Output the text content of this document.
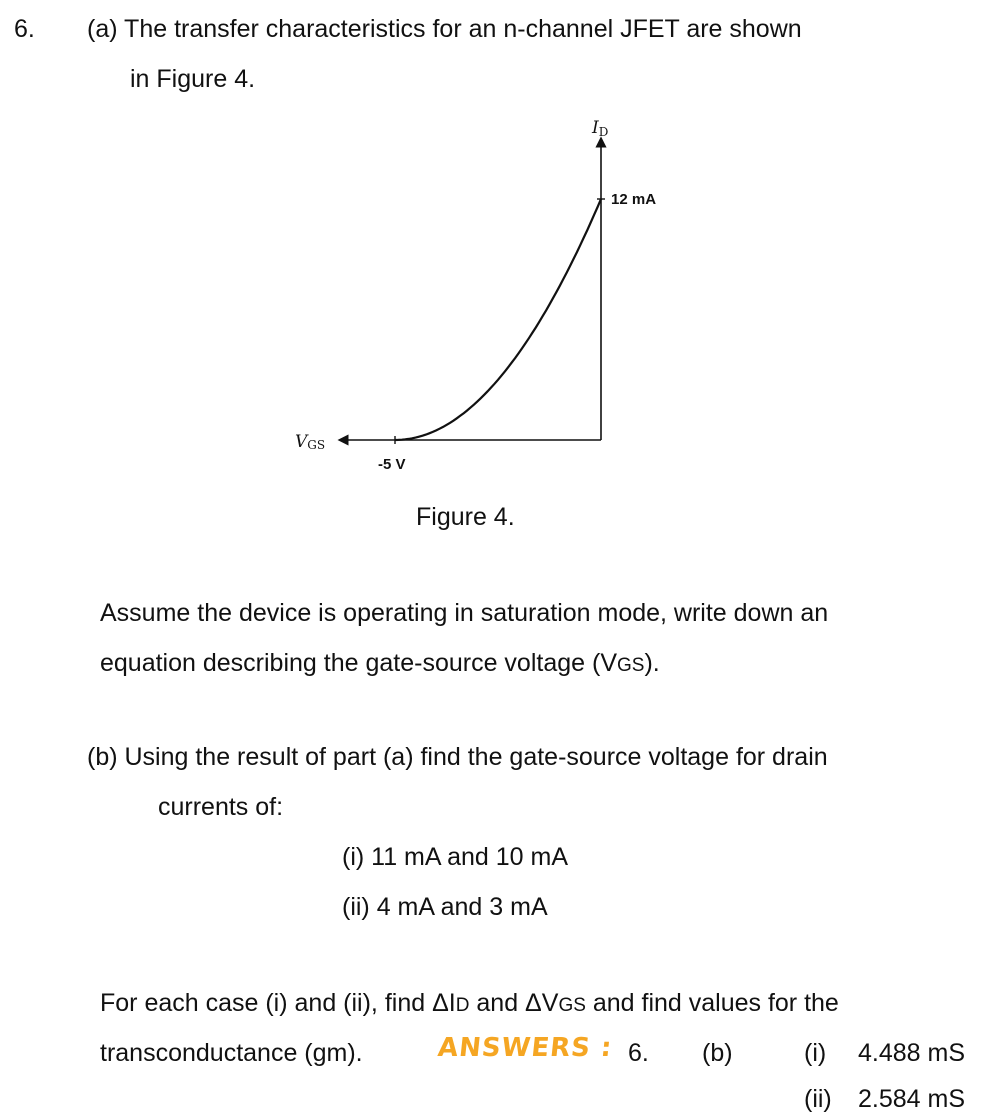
6. (a) The transfer characteristics for an n-channel JFET are shown
in Figure 4.
ID
VGS
12 mA
-5 V
Figure 4.
Assume the device is operating in saturation mode, write down an
equation describing the gate-source voltage (VGS).
(b) Using the result of part (a) find the gate-source voltage for drain
currents of:
(i) 11 mA and 10 mA
(ii) 4 mA and 3 mA
For each case (i) and (ii), find ΔID and ΔVGS and find values for the
transconductance (gm).	ANSWERS : 6. (b)	(i) 4.488 mS
(ii) 2.584 mS
